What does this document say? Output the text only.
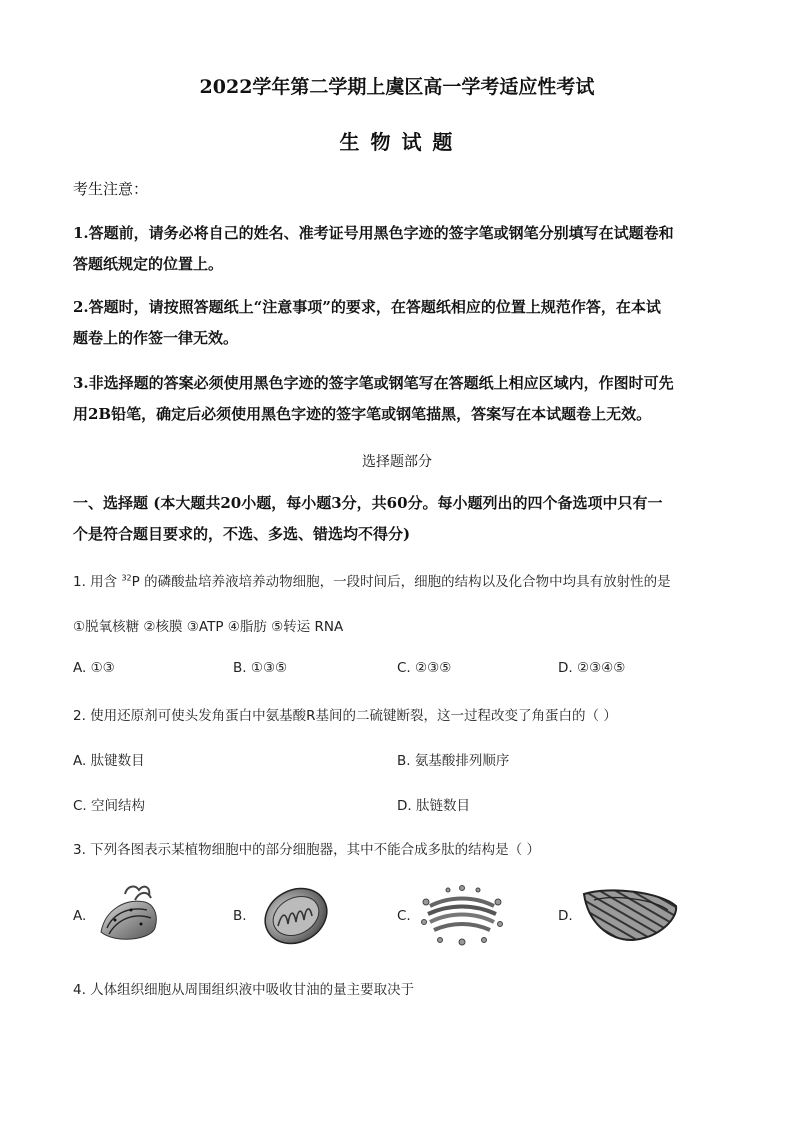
2022学年第二学期上虞区高一学考适应性考试
生 物 试 题
考生注意：
1.答题前，请务必将自己的姓名、准考证号用黑色字迹的签字笔或钢笔分别填写在试题卷和
答题纸规定的位置上。
2.答题时，请按照答题纸上“注意事项”的要求，在答题纸相应的位置上规范作答，在本试
题卷上的作签一律无效。
3.非选择题的答案必须使用黑色字迹的签字笔或钢笔写在答题纸上相应区域内，作图时可先
用2B铅笔，确定后必须使用黑色字迹的签字笔或钢笔描黑，答案写在本试题卷上无效。
选择题部分
一、选择题 (本大题共20小题，每小题3分，共60分。每小题列出的四个备选项中只有一
个是符合题目要求的，不选、多选、错选均不得分)
1. 用含 $^{32}$P 的磷酸盐培养液培养动物细胞，一段时间后，细胞的结构以及化合物中均具有放射性的是
①脱氧核糖 ②核膜 ③ATP ④脂肪 ⑤转运 RNA
A. ①③	B. ①③⑤	C. ②③⑤	D. ②③④⑤
2. 使用还原剂可使头发角蛋白中氨基酸R基间的二硫键断裂，这一过程改变了角蛋白的（ ）
A. 肽键数目	B. 氨基酸排列顺序
C. 空间结构	D. 肽链数目
3. 下列各图表示某植物细胞中的部分细胞器，其中不能合成多肽的结构是（ ）
A.	B.	C.	D.
4. 人体组织细胞从周围组织液中吸收甘油的量主要取决于
